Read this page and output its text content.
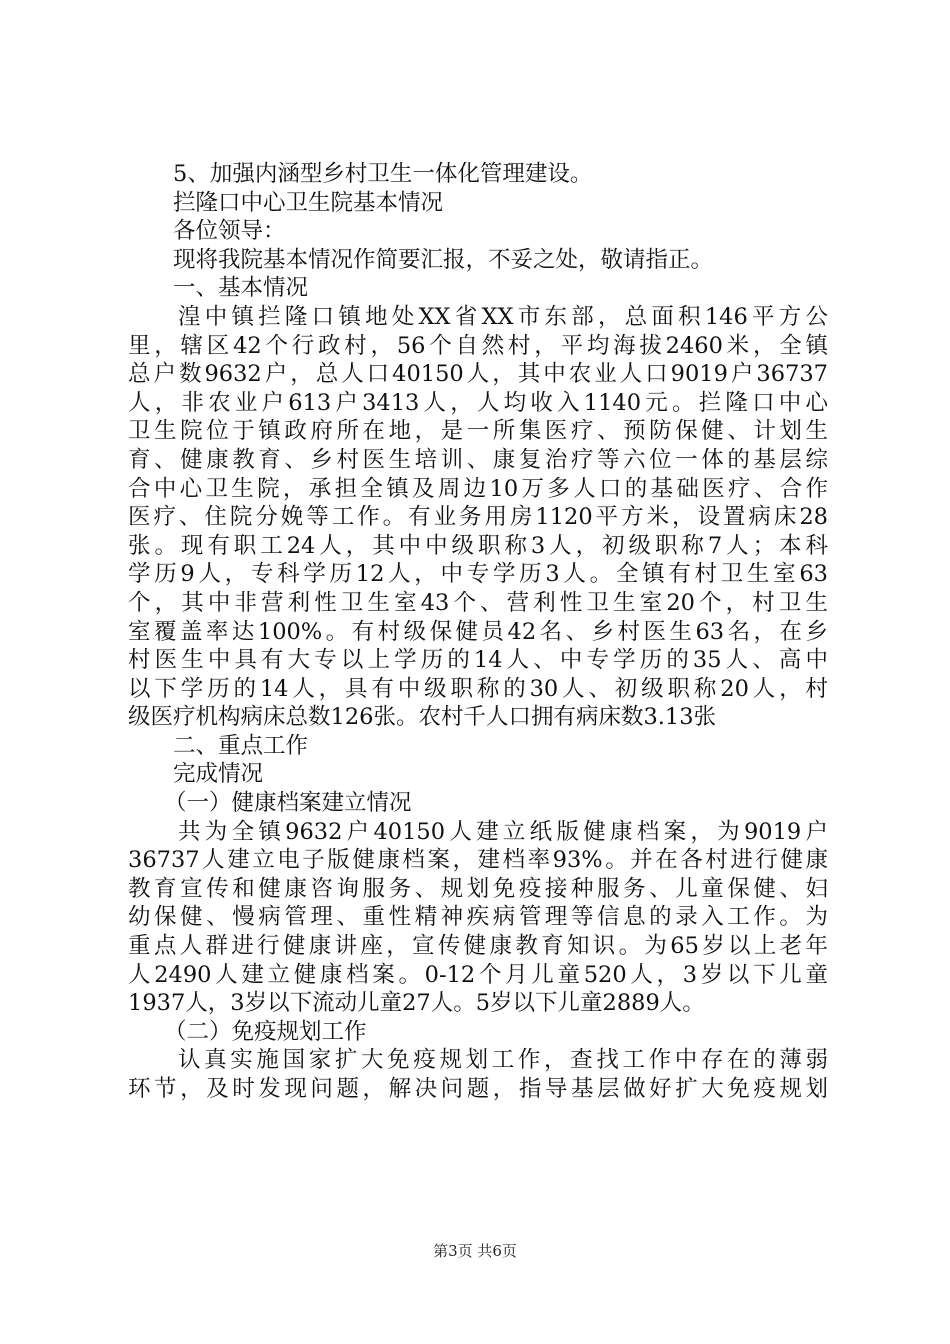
5、加强内涵型乡村卫生一体化管理建设。
拦隆口中心卫生院基本情况
各位领导：
现将我院基本情况作简要汇报，不妥之处，敬请指正。
一、基本情况
湟中镇拦隆口镇地处XX省XX市东部，总面积146平方公
里，辖区42个行政村，56个自然村，平均海拔2460米，全镇
总户数9632户，总人口40150人，其中农业人口9019户36737
人，非农业户613户3413人，人均收入1140元。拦隆口中心
卫生院位于镇政府所在地，是一所集医疗、预防保健、计划生
育、健康教育、乡村医生培训、康复治疗等六位一体的基层综
合中心卫生院，承担全镇及周边10万多人口的基础医疗、合作
医疗、住院分娩等工作。有业务用房1120平方米，设置病床28
张。现有职工24人，其中中级职称3人，初级职称7人；本科
学历9人，专科学历12人，中专学历3人。全镇有村卫生室63
个，其中非营利性卫生室43个、营利性卫生室20个，村卫生
室覆盖率达100%。有村级保健员42名、乡村医生63名，在乡
村医生中具有大专以上学历的14人、中专学历的35人、高中
以下学历的14人，具有中级职称的30人、初级职称20人，村
级医疗机构病床总数126张。农村千人口拥有病床数3.13张
二、重点工作
完成情况
（一）健康档案建立情况
共为全镇9632户40150人建立纸版健康档案，为9019户
36737人建立电子版健康档案，建档率93%。并在各村进行健康
教育宣传和健康咨询服务、规划免疫接种服务、儿童保健、妇
幼保健、慢病管理、重性精神疾病管理等信息的录入工作。为
重点人群进行健康讲座，宣传健康教育知识。为65岁以上老年
人2490人建立健康档案。0-12个月儿童520人，3岁以下儿童
1937人，3岁以下流动儿童27人。5岁以下儿童2889人。
（二）免疫规划工作
认真实施国家扩大免疫规划工作，查找工作中存在的薄弱
环节，及时发现问题，解决问题，指导基层做好扩大免疫规划
第3页 共6页
